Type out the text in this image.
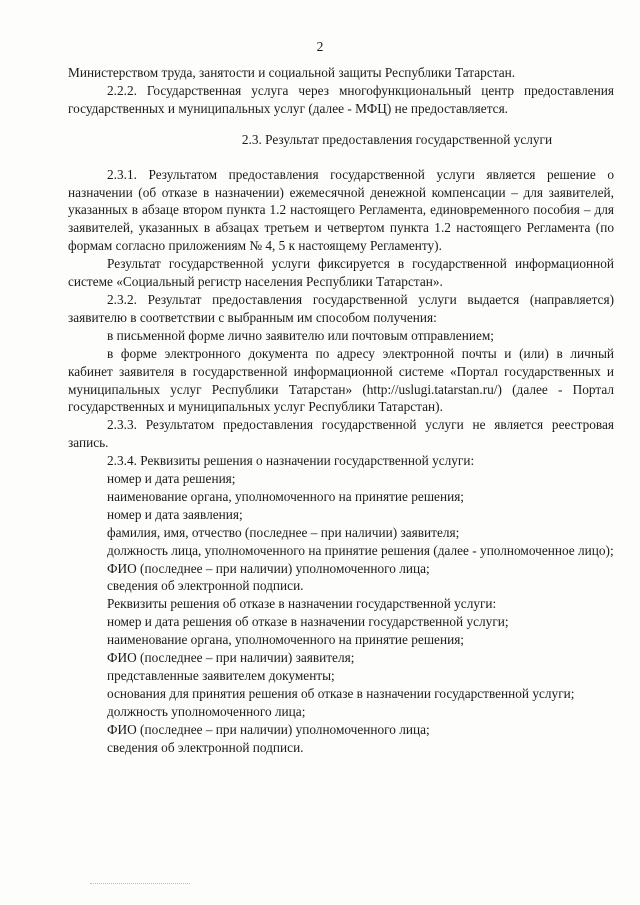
2

Министерством труда, занятости и социальной защиты Республики Татарстан.

2.2.2. Государственная услуга через многофункциональный центр предоставления государственных и муниципальных услуг (далее - МФЦ) не предоставляется.

2.3. Результат предоставления государственной услуги

2.3.1. Результатом предоставления государственной услуги является решение о назначении (об отказе в назначении) ежемесячной денежной компенсации – для заявителей, указанных в абзаце втором пункта 1.2 настоящего Регламента, единовременного пособия – для заявителей, указанных в абзацах третьем и четвертом пункта 1.2 настоящего Регламента (по формам согласно приложениям № 4, 5 к настоящему Регламенту).

Результат государственной услуги фиксируется в государственной информационной системе «Социальный регистр населения Республики Татарстан».

2.3.2. Результат предоставления государственной услуги выдается (направляется) заявителю в соответствии с выбранным им способом получения:

в письменной форме лично заявителю или почтовым отправлением;

в форме электронного документа по адресу электронной почты и (или) в личный кабинет заявителя в государственной информационной системе «Портал государственных и муниципальных услуг Республики Татарстан» (http://uslugi.tatarstan.ru/) (далее - Портал государственных и муниципальных услуг Республики Татарстан).

2.3.3. Результатом предоставления государственной услуги не является реестровая запись.

2.3.4. Реквизиты решения о назначении государственной услуги:

номер и дата решения;

наименование органа, уполномоченного на принятие решения;

номер и дата заявления;

фамилия, имя, отчество (последнее – при наличии) заявителя;

должность лица, уполномоченного на принятие решения (далее - уполномоченное лицо);

ФИО (последнее – при наличии) уполномоченного лица;

сведения об электронной подписи.

Реквизиты решения об отказе в назначении государственной услуги:

номер и дата решения об отказе в назначении государственной услуги;

наименование органа, уполномоченного на принятие решения;

ФИО (последнее – при наличии) заявителя;

представленные заявителем документы;

основания для принятия решения об отказе в назначении государственной услуги;

должность уполномоченного лица;

ФИО (последнее – при наличии) уполномоченного лица;

сведения об электронной подписи.
